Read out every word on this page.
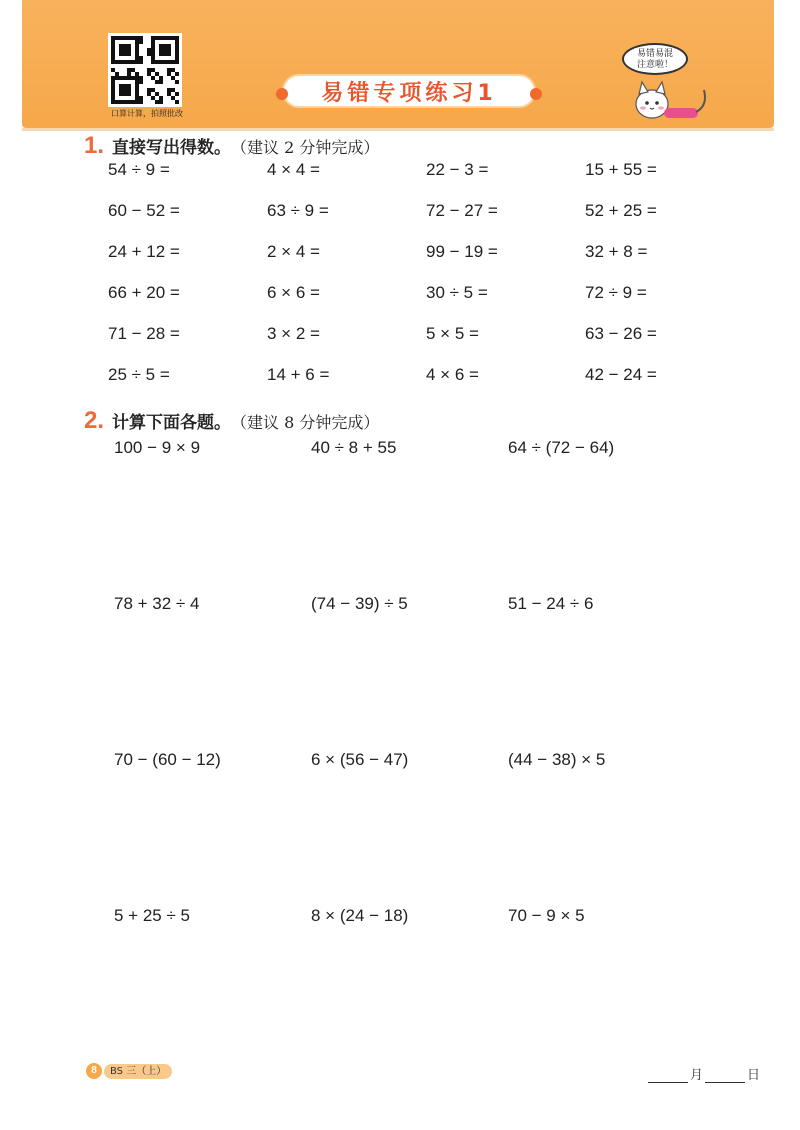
口算计算，拍照批改
易错专项练习1
易错易混
注意啦！
1. 直接写出得数。 （建议 2 分钟完成）
54 ÷ 9 =	4 × 4 =	22 − 3 =	15 + 55 =
60 − 52 =	63 ÷ 9 =	72 − 27 =	52 + 25 =
24 + 12 =	2 × 4 =	99 − 19 =	32 + 8 =
66 + 20 =	6 × 6 =	30 ÷ 5 =	72 ÷ 9 =
71 − 28 =	3 × 2 =	5 × 5 =	63 − 26 =
25 ÷ 5 =	14 + 6 =	4 × 6 =	42 − 24 =
2. 计算下面各题。 （建议 8 分钟完成）
100 − 9 × 9	40 ÷ 8 + 55	64 ÷ (72 − 64)
78 + 32 ÷ 4	(74 − 39) ÷ 5	51 − 24 ÷ 6
70 − (60 − 12)	6 × (56 − 47)	(44 − 38) × 5
5 + 25 ÷ 5	8 × (24 − 18)	70 − 9 × 5
8	BS 三（上）	月	日
